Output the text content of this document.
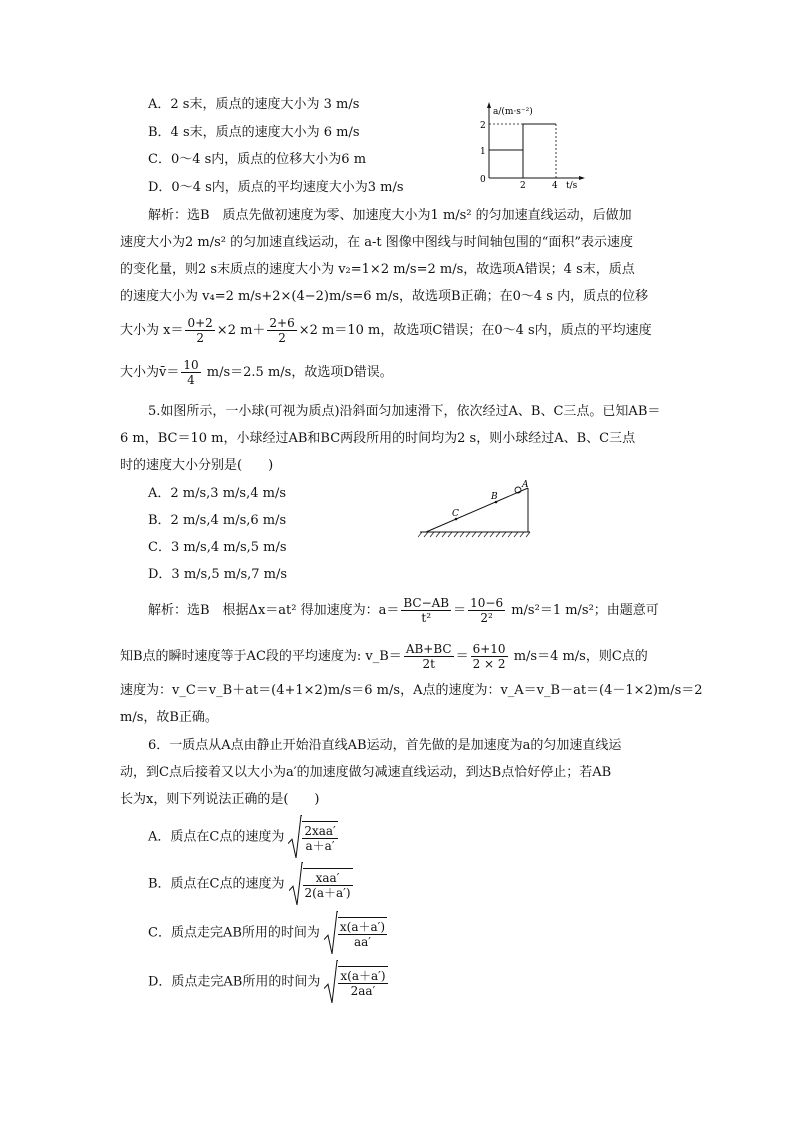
A．2 s末，质点的速度大小为 3 m/s
B．4 s末，质点的速度大小为 6 m/s
C．0～4 s内，质点的位移大小为6 m
D．0～4 s内，质点的平均速度大小为3 m/s
a/(m·s⁻²)
2
1
0
2	4 t/s
解析：选B　质点先做初速度为零、加速度大小为1 m/s² 的匀加速直线运动，后做加
速度大小为2 m/s² 的匀加速直线运动，在 a-t 图像中图线与时间轴包围的“面积”表示速度
的变化量，则2 s末质点的速度大小为 v₂=1×2 m/s=2 m/s，故选项A错误；4 s末，质点
的速度大小为 v₄=2 m/s+2×(4−2)m/s=6 m/s，故选项B正确；在0～4 s 内，质点的位移
大小为 $x= \frac{0+2}{2} \times 2$ $m+ \frac{2+6}{2} \times 2$ m＝10 m，故选项C错误；在0～4 s内，质点的平均速度
大小为v̄＝ $\frac{10}{4} m/s=2.5$ m/s，故选项D错误。
5.如图所示，一小球(可视为质点)沿斜面匀加速滑下，依次经过A、B、C三点。已知AB＝
6 m，BC＝10 m，小球经过AB和BC两段所用的时间均为2 s，则小球经过A、B、C三点
时的速度大小分别是(　　)
A．2 m/s,3 m/s,4 m/s
B．2 m/s,4 m/s,6 m/s
C．3 m/s,4 m/s,5 m/s
D．3 m/s,5 m/s,7 m/s
A
B
C
解析：选B　根据Δx＝at² 得加速度为：$a= \frac{BC-AB}{\text{t²}} = \frac{10-6}{\text{2²}} m/s^2=1$ m/s²；由题意可
知B点的瞬时速度等于AC段的平均速度为: v_B＝ $\frac{AB+BC}{2t} = \frac{6+10}{2 \times 2} m/s=4$ m/s，则C点的
速度为：v_C＝v_B＋at＝(4+1×2)m/s＝6 m/s，A点的速度为：v_A＝v_B－at＝(4－1×2)m/s＝2
m/s，故B正确。
6．一质点从A点由静止开始沿直线AB运动，首先做的是加速度为a的匀加速直线运
动，到C点后接着又以大小为a′的加速度做匀减速直线运动，到达B点恰好停止；若AB
长为x，则下列说法正确的是(　　)
A．质点在C点的速度为 $\frac{\text{2xaa′}}{a+a'}$
B．质点在C点的速度为 $\frac{\text{xaa′}}{2(a+a')}$
C．质点走完AB所用的时间为 $\frac{x(a+a')}{aa'}$
D．质点走完AB所用的时间为 $\frac{x(a+a')}{2aa'}$
